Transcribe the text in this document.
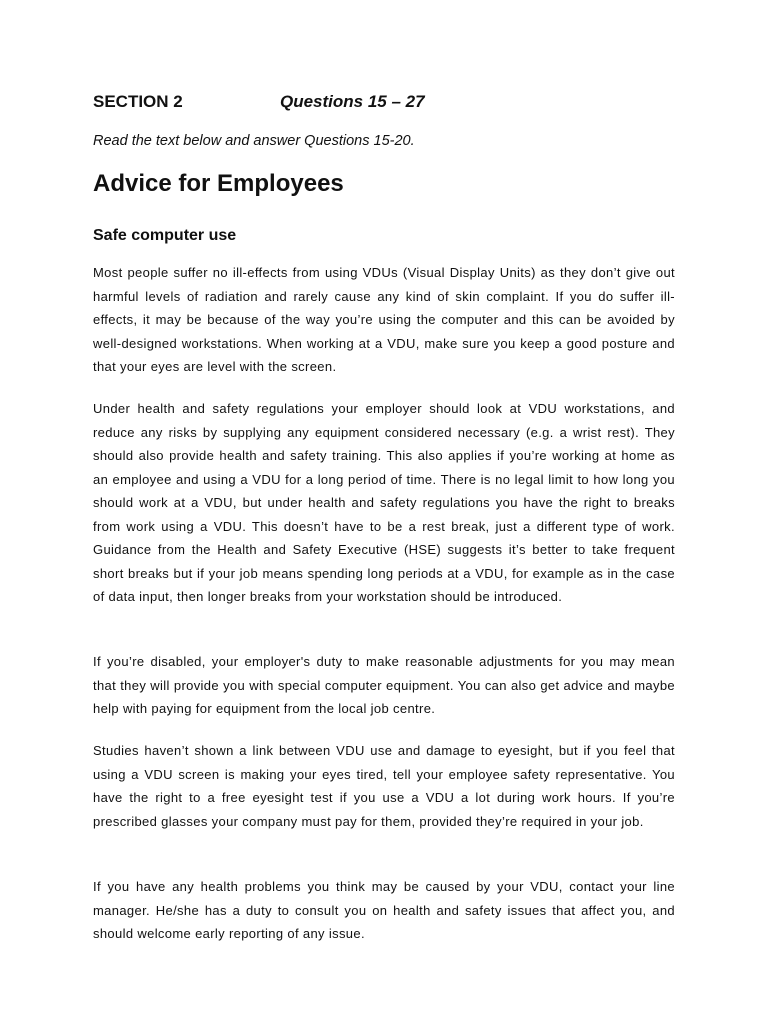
SECTION 2	Questions 15 – 27
Read the text below and answer Questions 15-20.
Advice for Employees
Safe computer use

Most people suffer no ill-effects from using VDUs (Visual Display Units) as they don’t give out harmful levels of radiation and rarely cause any kind of skin complaint. If you do suffer ill-effects, it may be because of the way you’re using the computer and this can be avoided by well-designed workstations. When working at a VDU, make sure you keep a good posture and that your eyes are level with the screen.

Under health and safety regulations your employer should look at VDU workstations, and reduce any risks by supplying any equipment considered necessary (e.g. a wrist rest). They should also provide health and safety training. This also applies if you’re working at home as an employee and using a VDU for a long period of time. There is no legal limit to how long you should work at a VDU, but under health and safety regulations you have the right to breaks from work using a VDU. This doesn’t have to be a rest break, just a different type of work. Guidance from the Health and Safety Executive (HSE) suggests it’s better to take frequent short breaks but if your job means spending long periods at a VDU, for example as in the case of data input, then longer breaks from your workstation should be introduced.

If you’re disabled, your employer's duty to make reasonable adjustments for you may mean that they will provide you with special computer equipment. You can also get advice and maybe help with paying for equipment from the local job centre.

Studies haven’t shown a link between VDU use and damage to eyesight, but if you feel that using a VDU screen is making your eyes tired, tell your employee safety representative. You have the right to a free eyesight test if you use a VDU a lot during work hours. If you’re prescribed glasses your company must pay for them, provided they’re required in your job.

If you have any health problems you think may be caused by your VDU, contact your line manager. He/she has a duty to consult you on health and safety issues that affect you, and should welcome early reporting of any issue.
